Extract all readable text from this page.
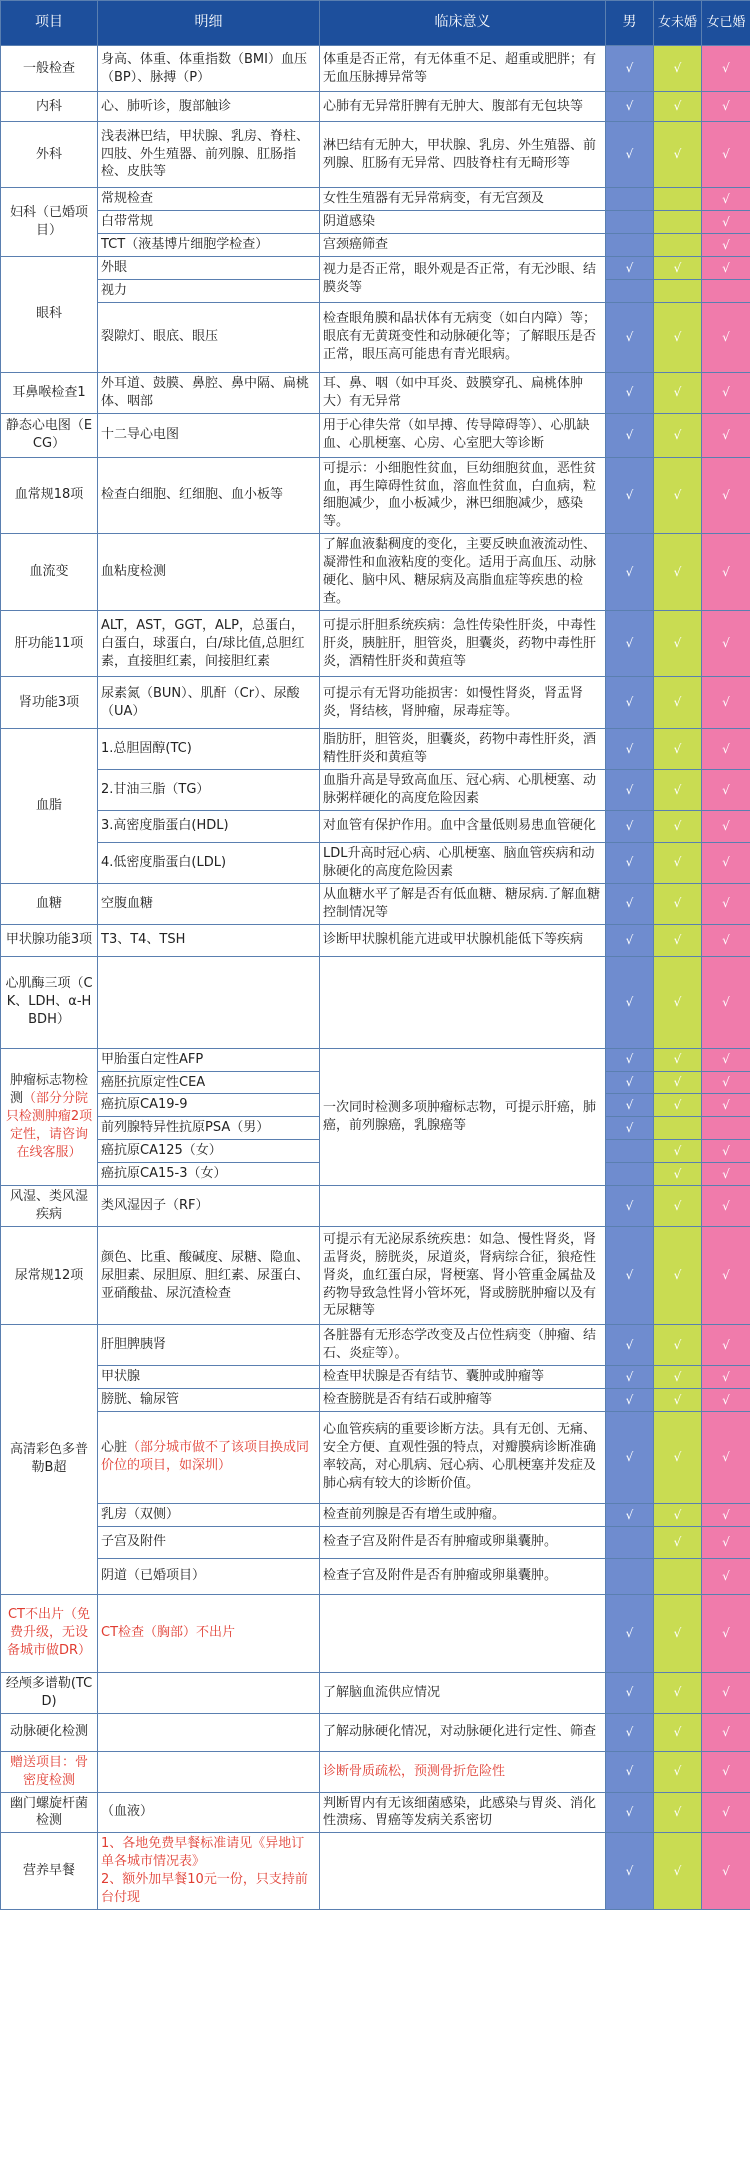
项目	明细	临床意义	男	女未婚	女已婚
一般检查	身高、体重、体重指数（BMI）血压（BP）、脉搏（P）	体重是否正常，有无体重不足、超重或肥胖；有无血压脉搏异常等	√	√	√
内科	心、肺听诊，腹部触诊	心肺有无异常肝脾有无肿大、腹部有无包块等	√	√	√
外科	浅表淋巴结，甲状腺、乳房、脊柱、四肢、外生殖器、前列腺、肛肠指检、皮肤等	淋巴结有无肿大，甲状腺、乳房、外生殖器、前列腺、肛肠有无异常、四肢脊柱有无畸形等	√	√	√
妇科（已婚项目）	常规检查	女性生殖器有无异常病变，有无宫颈及			√
	白带常规	阴道感染			√
	TCT（液基博片细胞学检查）	宫颈癌筛查			√
眼科	外眼	视力是否正常，眼外观是否正常，有无沙眼、结膜炎等	√	√	√
	视力				
	裂隙灯、眼底、眼压	检查眼角膜和晶状体有无病变（如白内障）等；眼底有无黄斑变性和动脉硬化等；了解眼压是否正常，眼压高可能患有青光眼病。	√	√	√
耳鼻喉检查1	外耳道、鼓膜、鼻腔、鼻中隔、扁桃体、咽部	耳、鼻、咽（如中耳炎、鼓膜穿孔、扁桃体肿大）有无异常	√	√	√
静态心电图（ECG）	十二导心电图	用于心律失常（如早搏、传导障碍等）、心肌缺血、心肌梗塞、心房、心室肥大等诊断	√	√	√
血常规18项	检查白细胞、红细胞、血小板等	可提示：小细胞性贫血，巨幼细胞贫血，恶性贫血，再生障碍性贫血，溶血性贫血，白血病，粒细胞减少，血小板减少，淋巴细胞减少，感染等。	√	√	√
血流变	血粘度检测	了解血液黏稠度的变化，主要反映血液流动性、凝滞性和血液粘度的变化。适用于高血压、动脉硬化、脑中风、糖尿病及高脂血症等疾患的检查。	√	√	√
肝功能11项	ALT，AST，GGT，ALP，总蛋白，白蛋白，球蛋白，白/球比值,总胆红素，直接胆红素，间接胆红素	可提示肝胆系统疾病：急性传染性肝炎，中毒性肝炎，胰脏肝，胆管炎，胆囊炎，药物中毒性肝炎，酒精性肝炎和黄疸等	√	√	√
肾功能3项	尿素氮（BUN）、肌酐（Cr）、尿酸（UA）	可提示有无肾功能损害：如慢性肾炎，肾盂肾炎，肾结核，肾肿瘤，尿毒症等。	√	√	√
血脂	1.总胆固醇(TC)	脂肪肝，胆管炎，胆囊炎，药物中毒性肝炎，酒精性肝炎和黄疸等	√	√	√
	2.甘油三脂（TG）	血脂升高是导致高血压、冠心病、心肌梗塞、动脉粥样硬化的高度危险因素	√	√	√
	3.高密度脂蛋白(HDL)	对血管有保护作用。血中含量低则易患血管硬化	√	√	√
	4.低密度脂蛋白(LDL)	LDL升高时冠心病、心肌梗塞、脑血管疾病和动脉硬化的高度危险因素	√	√	√
血糖	空腹血糖	从血糖水平了解是否有低血糖、糖尿病.了解血糖控制情况等	√	√	√
甲状腺功能3项	T3、T4、TSH	诊断甲状腺机能亢进或甲状腺机能低下等疾病	√	√	√
心肌酶三项（CK、LDH、α-HBDH）			√	√	√
肿瘤标志物检测（部分分院只检测肿瘤2项定性，请咨询在线客服）	甲胎蛋白定性AFP	一次同时检测多项肿瘤标志物，可提示肝癌，肺癌，前列腺癌，乳腺癌等	√	√	√
	癌胚抗原定性CEA		√	√	√
	癌抗原CA19-9		√	√	√
	前列腺特异性抗原PSA（男）		√		
	癌抗原CA125（女）			√	√
	癌抗原CA15-3（女）			√	√
风湿、类风湿疾病	类风湿因子（RF）		√	√	√
尿常规12项	颜色、比重、酸碱度、尿糖、隐血、尿胆素、尿胆原、胆红素、尿蛋白、亚硝酸盐、尿沉渣检查	可提示有无泌尿系统疾患：如急、慢性肾炎，肾盂肾炎，膀胱炎，尿道炎，肾病综合征，狼疮性肾炎，血红蛋白尿，肾梗塞、肾小管重金属盐及药物导致急性肾小管坏死，肾或膀胱肿瘤以及有无尿糖等	√	√	√
高清彩色多普勒B超	肝胆脾胰肾	各脏器有无形态学改变及占位性病变（肿瘤、结石、炎症等）。	√	√	√
	甲状腺	检查甲状腺是否有结节、囊肿或肿瘤等	√	√	√
	膀胱、输尿管	检查膀胱是否有结石或肿瘤等	√	√	√
	心脏（部分城市做不了该项目换成同价位的项目，如深圳）	心血管疾病的重要诊断方法。具有无创、无痛、安全方便、直观性强的特点，对瓣膜病诊断准确率较高，对心肌病、冠心病、心肌梗塞并发症及肺心病有较大的诊断价值。	√	√	√
	乳房（双侧）	检查前列腺是否有增生或肿瘤。	√	√	√
	子宫及附件	检查子宫及附件是否有肿瘤或卵巢囊肿。		√	√
	阴道（已婚项目）	检查子宫及附件是否有肿瘤或卵巢囊肿。			√
CT不出片（免费升级，无设备城市做DR）	CT检查（胸部）不出片		√	√	√
经颅多谱勒(TCD)		了解脑血流供应情况	√	√	√
动脉硬化检测		了解动脉硬化情况，对动脉硬化进行定性、筛查	√	√	√
赠送项目：骨密度检测		诊断骨质疏松，预测骨折危险性	√	√	√
幽门螺旋杆菌检测	（血液）	判断胃内有无该细菌感染，此感染与胃炎、消化性溃疡、胃癌等发病关系密切	√	√	√
营养早餐	1、各地免费早餐标准请见《异地订单各城市情况表》
2、额外加早餐10元一份，只支持前台付现		√	√	√
